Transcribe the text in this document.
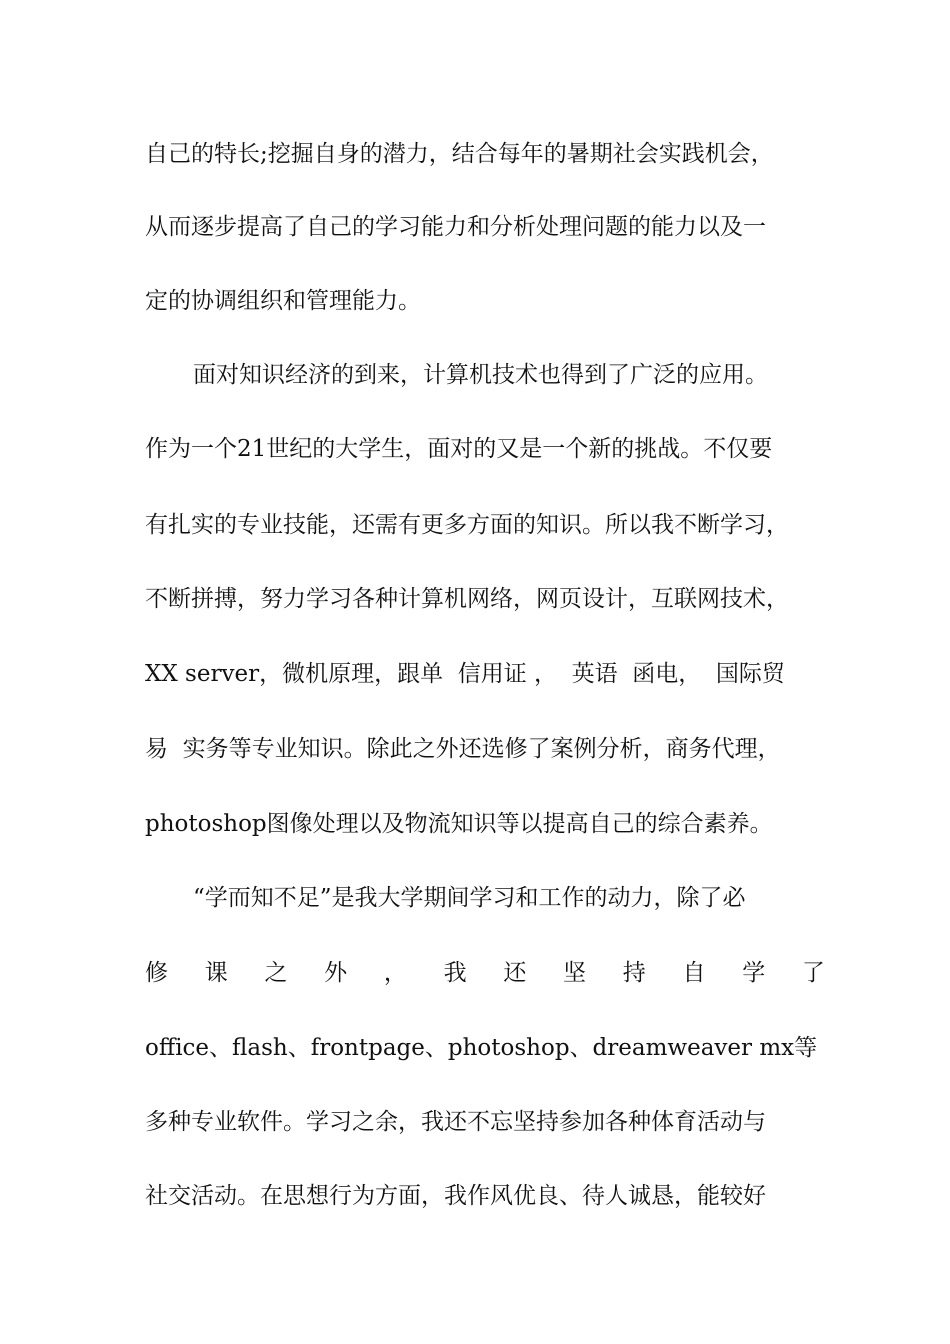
自己的特长;挖掘自身的潜力，结合每年的暑期社会实践机会，
从而逐步提高了自己的学习能力和分析处理问题的能力以及一
定的协调组织和管理能力。
面对知识经济的到来，计算机技术也得到了广泛的应用。
作为一个21世纪的大学生，面对的又是一个新的挑战。不仅要
有扎实的专业技能，还需有更多方面的知识。所以我不断学习，
不断拼搏，努力学习各种计算机网络，网页设计，互联网技术，
XX server，微机原理，跟单  信用证 ，  英语  函电，  国际贸
易  实务等专业知识。除此之外还选修了案例分析，商务代理，
photoshop图像处理以及物流知识等以提高自己的综合素养。
“学而知不足”是我大学期间学习和工作的动力，除了必
修 课 之 外 ， 我 还 坚 持 自 学 了
office、flash、frontpage、photoshop、dreamweaver mx等
多种专业软件。学习之余，我还不忘坚持参加各种体育活动与
社交活动。在思想行为方面，我作风优良、待人诚恳，能较好
